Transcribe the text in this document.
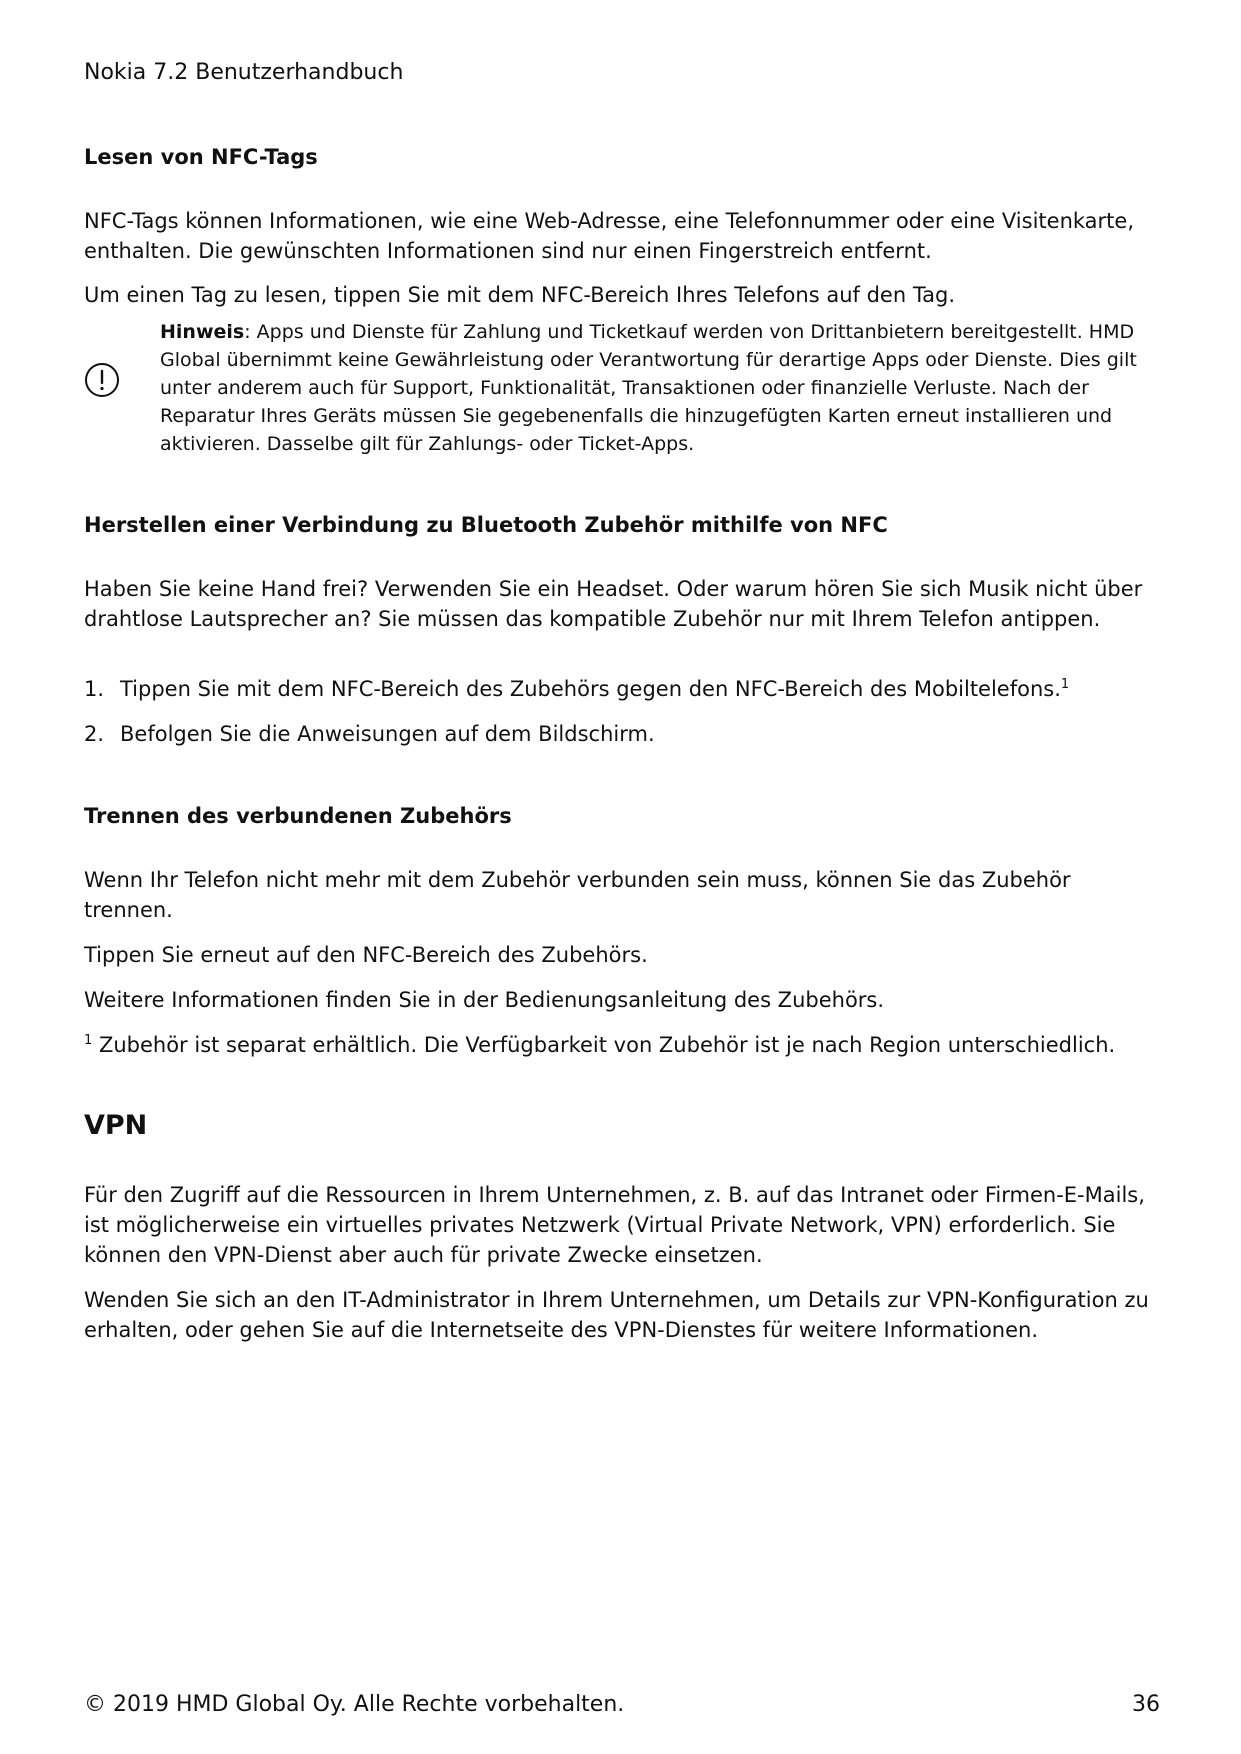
Nokia 7.2 Benutzerhandbuch
Lesen von NFC-Tags

NFC-Tags können Informationen, wie eine Web-Adresse, eine Telefonnummer oder eine Visitenkarte, enthalten. Die gewünschten Informationen sind nur einen Fingerstreich entfernt.

Um einen Tag zu lesen, tippen Sie mit dem NFC-Bereich Ihres Telefons auf den Tag.

Hinweis: Apps und Dienste für Zahlung und Ticketkauf werden von Drittanbietern bereitgestellt. HMD Global übernimmt keine Gewährleistung oder Verantwortung für derartige Apps oder Dienste. Dies gilt unter anderem auch für Support, Funktionalität, Transaktionen oder finanzielle Verluste. Nach der Reparatur Ihres Geräts müssen Sie gegebenenfalls die hinzugefügten Karten erneut installieren und aktivieren. Dasselbe gilt für Zahlungs- oder Ticket-Apps.
Herstellen einer Verbindung zu Bluetooth Zubehör mithilfe von NFC

Haben Sie keine Hand frei? Verwenden Sie ein Headset. Oder warum hören Sie sich Musik nicht über drahtlose Lautsprecher an? Sie müssen das kompatible Zubehör nur mit Ihrem Telefon antippen.

1. Tippen Sie mit dem NFC-Bereich des Zubehörs gegen den NFC-Bereich des Mobiltelefons.$^1$
2. Befolgen Sie die Anweisungen auf dem Bildschirm.
Trennen des verbundenen Zubehörs

Wenn Ihr Telefon nicht mehr mit dem Zubehör verbunden sein muss, können Sie das Zubehör trennen.

Tippen Sie erneut auf den NFC-Bereich des Zubehörs.

Weitere Informationen finden Sie in der Bedienungsanleitung des Zubehörs.

$^1$ Zubehör ist separat erhältlich. Die Verfügbarkeit von Zubehör ist je nach Region unterschiedlich.

VPN

Für den Zugriff auf die Ressourcen in Ihrem Unternehmen, z. B. auf das Intranet oder Firmen-E-Mails, ist möglicherweise ein virtuelles privates Netzwerk (Virtual Private Network, VPN) erforderlich. Sie können den VPN-Dienst aber auch für private Zwecke einsetzen.

Wenden Sie sich an den IT-Administrator in Ihrem Unternehmen, um Details zur VPN-Konfiguration zu erhalten, oder gehen Sie auf die Internetseite des VPN-Dienstes für weitere Informationen.

© 2019 HMD Global Oy. Alle Rechte vorbehalten.	36
